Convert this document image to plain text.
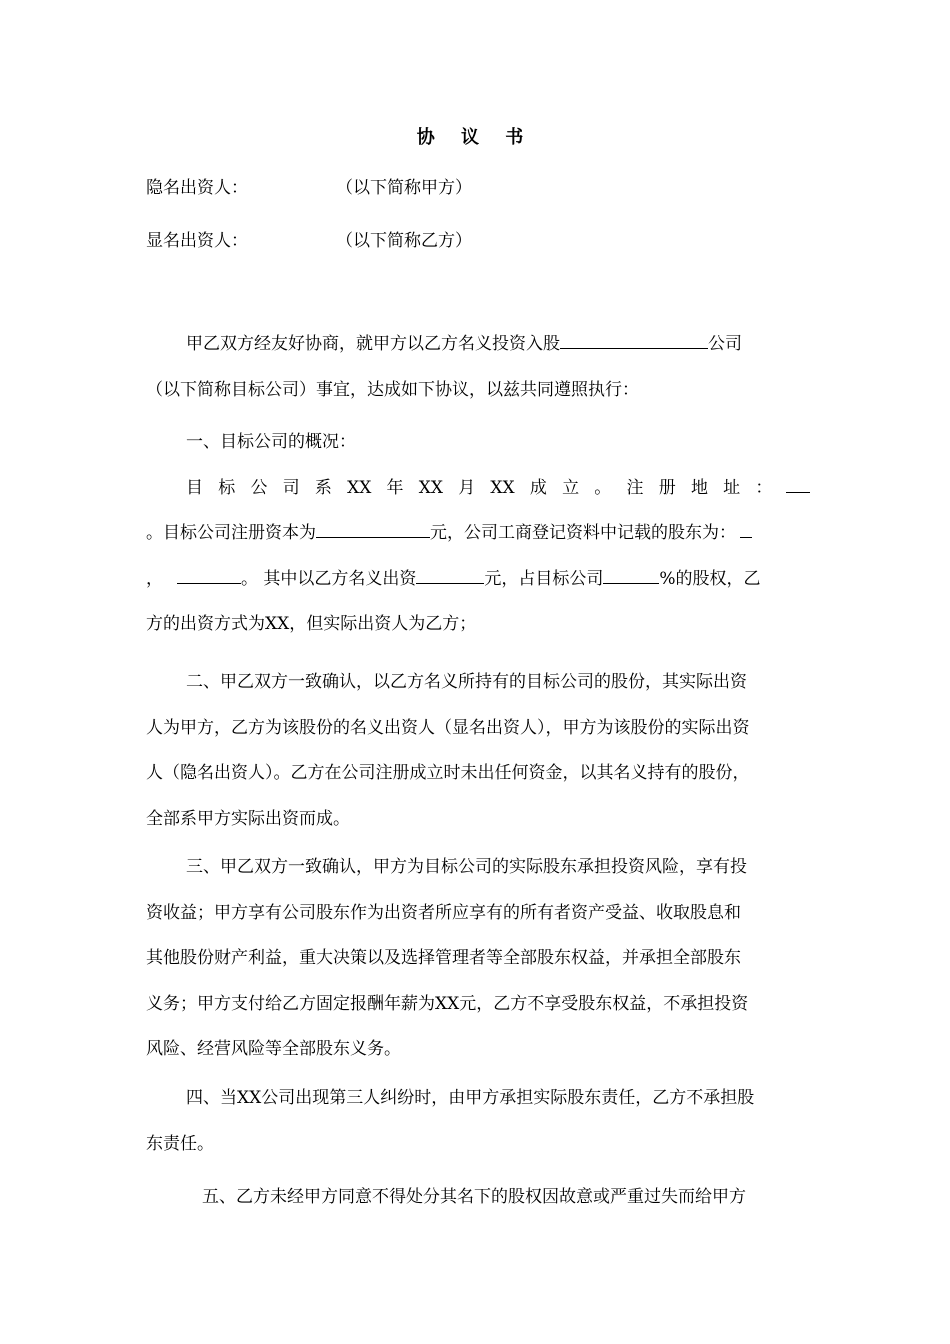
协 议 书
隐名出资人：	（以下简称甲方）
显名出资人：	（以下简称乙方）
甲乙双方经友好协商，就甲方以乙方名义投资入股	公司
（以下简称目标公司）事宜，达成如下协议，以兹共同遵照执行：
一、目标公司的概况：
目 标 公 司 系 XX 年 XX 月 XX 成 立 。 注 册 地 址 ：
。目标公司注册资本为	元，公司工商登记资料中记载的股东为：
，	。 其中以乙方名义出资	元，占目标公司	%的股权，乙
方的出资方式为XX，但实际出资人为乙方；
二、甲乙双方一致确认，以乙方名义所持有的目标公司的股份，其实际出资
人为甲方，乙方为该股份的名义出资人（显名出资人），甲方为该股份的实际出资
人（隐名出资人）。乙方在公司注册成立时未出任何资金，以其名义持有的股份，
全部系甲方实际出资而成。
三、甲乙双方一致确认，甲方为目标公司的实际股东承担投资风险，享有投
资收益；甲方享有公司股东作为出资者所应享有的所有者资产受益、收取股息和
其他股份财产利益，重大决策以及选择管理者等全部股东权益，并承担全部股东
义务；甲方支付给乙方固定报酬年薪为XX元，乙方不享受股东权益，不承担投资
风险、经营风险等全部股东义务。
四、当XX公司出现第三人纠纷时，由甲方承担实际股东责任，乙方不承担股
东责任。
五、乙方未经甲方同意不得处分其名下的股权因故意或严重过失而给甲方
